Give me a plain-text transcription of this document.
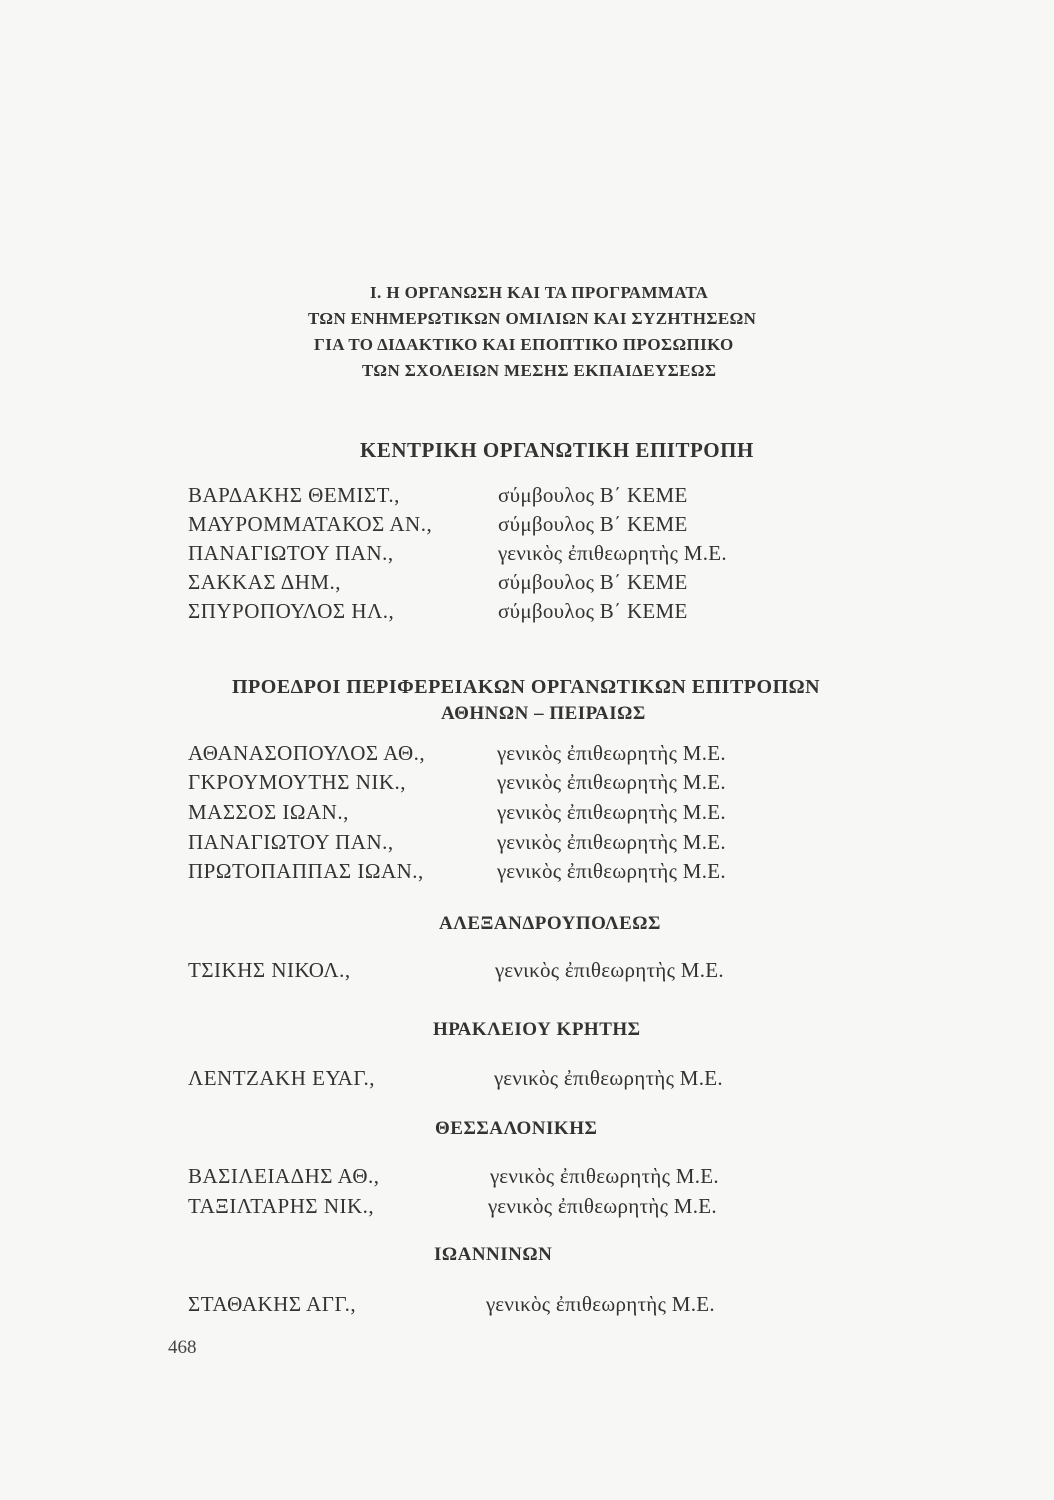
Ι. Η ΟΡΓΑΝΩΣΗ ΚΑΙ ΤΑ ΠΡΟΓΡΑΜΜΑΤΑ
ΤΩΝ ΕΝΗΜΕΡΩΤΙΚΩΝ ΟΜΙΛΙΩΝ ΚΑΙ ΣΥΖΗΤΗΣΕΩΝ
ΓΙΑ ΤΟ ΔΙΔΑΚΤΙΚΟ ΚΑΙ ΕΠΟΠΤΙΚΟ ΠΡΟΣΩΠΙΚΟ
ΤΩΝ ΣΧΟΛΕΙΩΝ ΜΕΣΗΣ ΕΚΠΑΙΔΕΥΣΕΩΣ
ΚΕΝΤΡΙΚΗ ΟΡΓΑΝΩΤΙΚΗ ΕΠΙΤΡΟΠΗ
ΒΑΡΔΑΚΗΣ ΘΕΜΙΣΤ.,	σύμβουλος Β΄ ΚΕΜΕ
ΜΑΥΡΟΜΜΑΤΑΚΟΣ ΑΝ.,	σύμβουλος Β΄ ΚΕΜΕ
ΠΑΝΑΓΙΩΤΟΥ ΠΑΝ.,	γενικὸς ἐπιθεωρητὴς Μ.Ε.
ΣΑΚΚΑΣ ΔΗΜ.,	σύμβουλος Β΄ ΚΕΜΕ
ΣΠΥΡΟΠΟΥΛΟΣ ΗΛ.,	σύμβουλος Β΄ ΚΕΜΕ
ΠΡΟΕΔΡΟΙ ΠΕΡΙΦΕΡΕΙΑΚΩΝ ΟΡΓΑΝΩΤΙΚΩΝ ΕΠΙΤΡΟΠΩΝ
ΑΘΗΝΩΝ – ΠΕΙΡΑΙΩΣ
ΑΘΑΝΑΣΟΠΟΥΛΟΣ ΑΘ.,	γενικὸς ἐπιθεωρητὴς Μ.Ε.
ΓΚΡΟΥΜΟΥΤΗΣ ΝΙΚ.,	γενικὸς ἐπιθεωρητὴς Μ.Ε.
ΜΑΣΣΟΣ ΙΩΑΝ.,	γενικὸς ἐπιθεωρητὴς Μ.Ε.
ΠΑΝΑΓΙΩΤΟΥ ΠΑΝ.,	γενικὸς ἐπιθεωρητὴς Μ.Ε.
ΠΡΩΤΟΠΑΠΠΑΣ ΙΩΑΝ.,	γενικὸς ἐπιθεωρητὴς Μ.Ε.
ΑΛΕΞΑΝΔΡΟΥΠΟΛΕΩΣ
ΤΣΙΚΗΣ ΝΙΚΟΛ.,	γενικὸς ἐπιθεωρητὴς Μ.Ε.
ΗΡΑΚΛΕΙΟΥ ΚΡΗΤΗΣ
ΛΕΝΤΖΑΚΗ ΕΥΑΓ.,	γενικὸς ἐπιθεωρητὴς Μ.Ε.
ΘΕΣΣΑΛΟΝΙΚΗΣ
ΒΑΣΙΛΕΙΑΔΗΣ ΑΘ.,	γενικὸς ἐπιθεωρητὴς Μ.Ε.
ΤΑΞΙΛΤΑΡΗΣ ΝΙΚ.,	γενικὸς ἐπιθεωρητὴς Μ.Ε.
ΙΩΑΝΝΙΝΩΝ
ΣΤΑΘΑΚΗΣ ΑΓΓ.,	γενικὸς ἐπιθεωρητὴς Μ.Ε.
468
